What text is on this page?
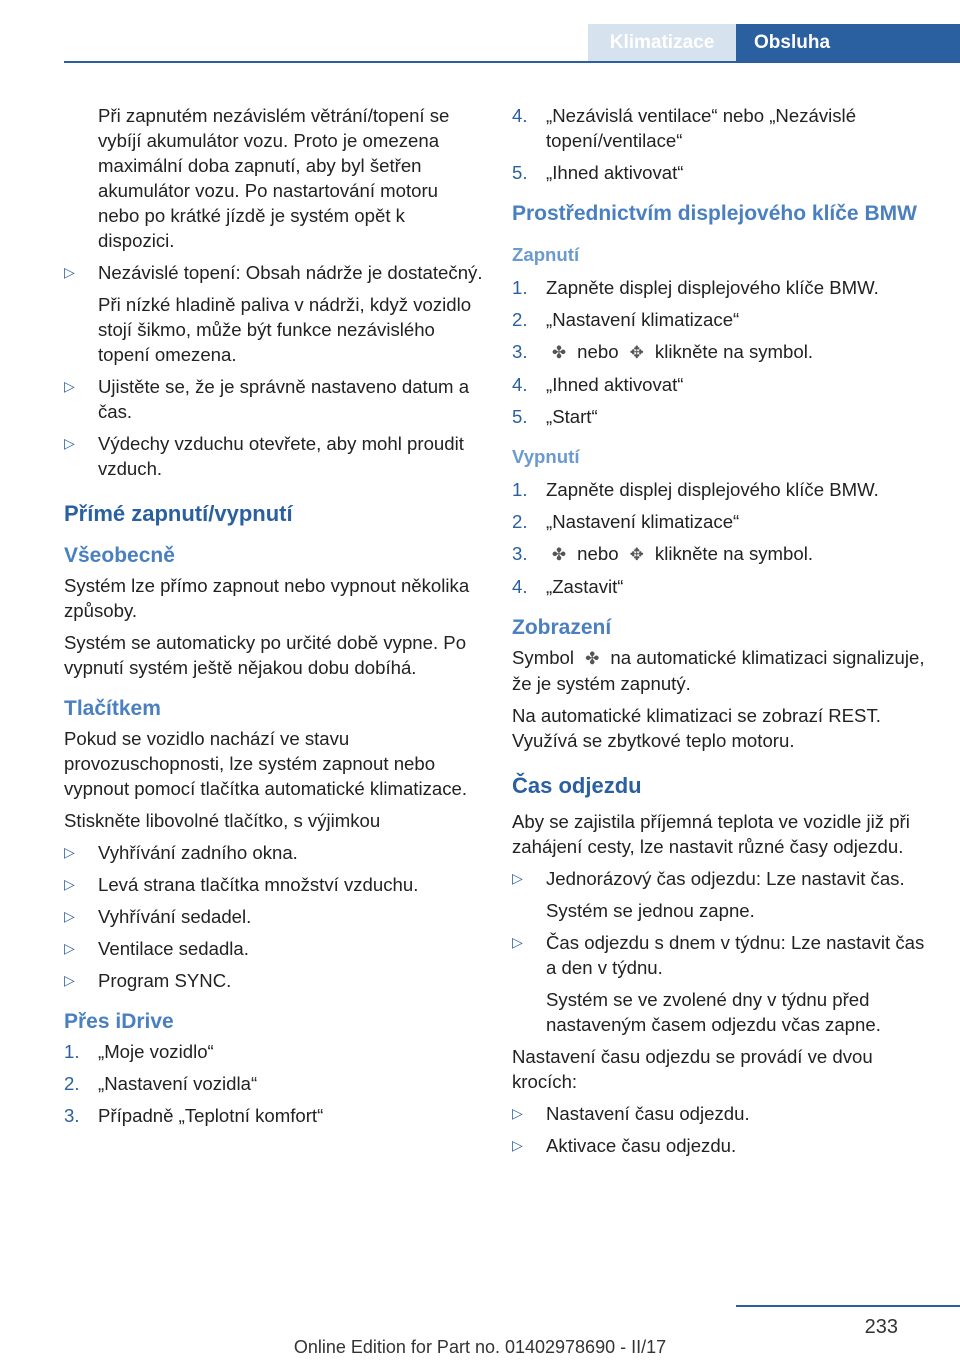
Klimatizace	Obsluha

Při zapnutém nezávislém větrání/topení se vybíjí akumulátor vozu. Proto je omezena maximální doba zapnutí, aby byl šetřen akumulátor vozu. Po nastartování motoru nebo po krátké jízdě je systém opět k dispozici.

▷ Nezávislé topení: Obsah nádrže je dostatečný.

Při nízké hladině paliva v nádrži, když vozidlo stojí šikmo, může být funkce nezávislého topení omezena.

▷ Ujistěte se, že je správně nastaveno datum a čas.
▷ Výdechy vzduchu otevřete, aby mohl proudit vzduch.
Přímé zapnutí/vypnutí
Všeobecně

Systém lze přímo zapnout nebo vypnout několika způsoby.

Systém se automaticky po určité době vypne. Po vypnutí systém ještě nějakou dobu dobíhá.

Tlačítkem

Pokud se vozidlo nachází ve stavu provozuschopnosti, lze systém zapnout nebo vypnout pomocí tlačítka automatické klimatizace.

Stiskněte libovolné tlačítko, s výjimkou

▷ Vyhřívání zadního okna.
▷ Levá strana tlačítka množství vzduchu.
▷ Vyhřívání sedadel.
▷ Ventilace sedadla.
▷ Program SYNC.
Přes iDrive
1. „Moje vozidlo“
2. „Nastavení vozidla“
3. Případně „Teplotní komfort“
4. „Nezávislá ventilace“ nebo „Nezávislé topení/ventilace“
5. „Ihned aktivovat“
Prostřednictvím displejového klíče BMW
Zapnutí
1. Zapněte displej displejového klíče BMW.
2. „Nastavení klimatizace“
3. ✤ nebo ✥ klikněte na symbol.
4. „Ihned aktivovat“
5. „Start“
Vypnutí
1. Zapněte displej displejového klíče BMW.
2. „Nastavení klimatizace“
3. ✤ nebo ✥ klikněte na symbol.
4. „Zastavit“
Zobrazení

Symbol ✤ na automatické klimatizaci signalizuje, že je systém zapnutý.

Na automatické klimatizaci se zobrazí REST. Využívá se zbytkové teplo motoru.

Čas odjezdu

Aby se zajistila příjemná teplota ve vozidle již při zahájení cesty, lze nastavit různé časy odjezdu.

▷ Jednorázový čas odjezdu: Lze nastavit čas.

Systém se jednou zapne.

▷ Čas odjezdu s dnem v týdnu: Lze nastavit čas a den v týdnu.

Systém se ve zvolené dny v týdnu před nastaveným časem odjezdu včas zapne.

Nastavení času odjezdu se provádí ve dvou krocích:

▷ Nastavení času odjezdu.
▷ Aktivace času odjezdu.
233
Online Edition for Part no. 01402978690 - II/17
